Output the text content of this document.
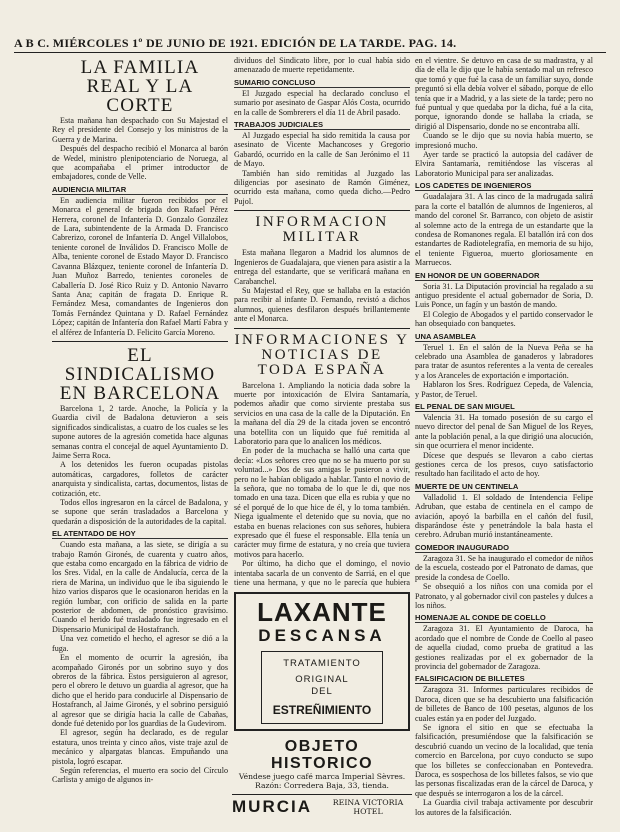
A B C. MIÉRCOLES 1º DE JUNIO DE 1921. EDICIÓN DE LA TARDE. PAG. 14.
LA FAMILIA REAL Y LA CORTE

Esta mañana han despachado con Su Majestad el Rey el presidente del Consejo y los ministros de la Guerra y de Marina.

Después del despacho recibió el Monarca al barón de Wedel, ministro plenipotenciario de Noruega, al que acompañaba el primer introductor de embajadores, conde de Velle.

AUDIENCIA MILITAR

En audiencia militar fueron recibidos por el Monarca el general de brigada don Rafael Pérez Herrera, coronel de Infantería D. Gonzalo González de Lara, subintendente de la Armada D. Francisco Cabrerizo, coronel de Infantería D. Angel Villalobos, teniente coronel de Inválidos D. Francisco Molle de Alba, teniente coronel de Estado Mayor D. Francisco Cavanna Blázquez, teniente coronel de Infantería D. Juan Muñoz Barredo, tenientes coroneles de Caballería D. José Rico Ruiz y D. Antonio Navarro Santa Ana; capitán de fragata D. Enrique R. Fernández Mesa, comandantes de Ingenieros don Tomás Fernández Quintana y D. Rafael Fernández López; capitán de Infantería don Rafael Martí Fabra y el alférez de Infantería D. Felicito García Moreno.

EL SINDICALISMO EN BARCELONA

Barcelona 1, 2 tarde. Anoche, la Policía y la Guardia civil de Badalona detuvieron a seis significados sindicalistas, a cuatro de los cuales se les supone autores de la agresión cometida hace algunas semanas contra el concejal de aquel Ayuntamiento D. Jaime Serra Roca.

A los detenidos les fueron ocupadas pistolas automáticas, cargadores, folletos de carácter anarquista y sindicalista, cartas, documentos, listas de cotización, etc.

Todos ellos ingresaron en la cárcel de Badalona, y se supone que serán trasladados a Barcelona y quedarán a disposición de la autoridades de la capital.

EL ATENTADO DE HOY

Cuando esta mañana, a las siete, se dirigía a su trabajo Ramón Gironés, de cuarenta y cuatro años, que estaba como encargado en la fábrica de vidrio de los Sres. Vidal, en la calle de Andalucía, cerca de la riera de Marina, un individuo que le iba siguiendo le hizo varios disparos que le ocasionaron heridas en la región lumbar, con orificio de salida en la parte posterior de abdomen, de pronóstico gravísimo. Cuando el herido fué trasladado fue ingresado en el Dispensario Municipal de Hostafranch.

Una vez cometido el hecho, el agresor se dió a la fuga.

En el momento de ocurrir la agresión, iba acompañado Gironés por un sobrino suyo y dos obreros de la fábrica. Estos persiguieron al agresor, pero el obrero le detuvo un guardia al agresor, que ha dicho que el herido para conducirle al Dispensario de Hostafranch, al Jaime Gironés, y el sobrino persiguió al agresor que se dirigía hacia la calle de Cabañas, donde fué detenido por los guardias de la Gudevirom.

El agresor, según ha declarado, es de regular estatura, unos treinta y cinco años, viste traje azul de mecánico y alpargatas blancas. Empuñando una pistola, logró escapar.

Según referencias, el muerto era socio del Círculo Carlista y amigo de algunos in-

dividuos del Sindicato libre, por lo cual había sido amenazado de muerte repetidamente.

SUMARIO CONCLUSO

El Juzgado especial ha declarado concluso el sumario por asesinato de Gaspar Alós Costa, ocurrido en la calle de Sombrerers el día 11 de Abril pasado.

TRABAJOS JUDICIALES

Al Juzgado especial ha sido remitida la causa por asesinato de Vicente Machancoses y Gregorio Gabardó, ocurrido en la calle de San Jerónimo el 11 de Mayo.

También han sido remitidas al Juzgado las diligencias por asesinato de Ramón Giménez, ocurrido esta mañana, como queda dicho.—Pedro Pujol.

INFORMACION MILITAR

Esta mañana llegaron a Madrid los alumnos de Ingenieros de Guadalajara, que vienen para asistir a la entrega del estandarte, que se verificará mañana en Carabanchel.

Su Majestad el Rey, que se hallaba en la estación para recibir al infante D. Fernando, revistó a dichos alumnos, quienes desfilaron después brillantemente ante el Monarca.

INFORMACIONES Y NOTICIAS DE TODA ESPAÑA

Barcelona 1. Ampliando la noticia dada sobre la muerte por intoxicación de Elvira Santamaría, podemos añadir que como sirviente prestaba sus servicios en una casa de la calle de la Diputación. En la mañana del día 29 de la citada joven se encontró una botellita con un líquido que fué remitida al Laboratorio para que lo analicen los médicos.

En poder de la muchacha se halló una carta que decía: «Los señores creo que no se ha muerto por su voluntad...» Dos de sus amigas le pusieron a vivir, pero no le habían obligado a hablar. Tanto el novio de la señora, que no tomaba de lo que le di, que nos tomado en una taza. Dicen que ella es rubia y que no sé el porqué de lo que hice de él, y lo toma también. Niega igualmente el detenido que su novia, que no estaba en buenas relaciones con sus señores, hubiera expresado que él fuese el responsable. Ella tenía un carácter muy firme de estatura, y no creía que tuviera motivos para hacerlo.

Por último, ha dicho que el domingo, el novio intentaba sacarla de un convento de Sarriá, en el que tiene una hermana, y que no le parecía que hubiera

LAXANTE
DESCANSA
TRATAMIENTO
ORIGINAL
DEL
ESTREÑIMIENTO
OBJETO HISTORICO
Véndese juego café marca Imperial Sèvres. Razón: Corredera Baja, 33, tienda.
MURCIA	REINA VICTORIA HOTEL

en el vientre. Se detuvo en casa de su madrastra, y al día de ella le dijo que le había sentado mal un refresco que tomó y que fué la casa de un familiar suyo, donde preguntó si ella debía volver el sábado, porque de ello tenía que ir a Madrid, y a las siete de la tarde; pero no fué puntual y que quedaba por la dicha, fué a la cita, porque, ignorando donde se hallaba la criada, se dirigió al Dispensario, donde no se encontraba allí.

Cuando se le dijo que su novia había muerto, se impresionó mucho.

Ayer tarde se practicó la autopsia del cadáver de Elvira Santamaría, remitiéndose las vísceras al Laboratorio Municipal para ser analizadas.

LOS CADETES DE INGENIEROS

Guadalajara 31. A las cinco de la madrugada salirá para la corte el batallón de alumnos de Ingenieros, al mando del coronel Sr. Barranco, con objeto de asistir al solemne acto de la entrega de un estandarte que la condesa de Romanones regala. El batallón irá con dos estandartes de Radiotelegrafía, en memoria de su hijo, el teniente Figueroa, muerto gloriosamente en Marruecos.

EN HONOR DE UN GOBERNADOR

Soria 31. La Diputación provincial ha regalado a su antiguo presidente el actual gobernador de Soria, D. Luis Ponce, un fagín y un bastón de mando.

El Colegio de Abogados y el partido conservador le han obsequiado con banquetes.

UNA ASAMBLEA

Teruel 1. En el salón de la Nueva Peña se ha celebrado una Asamblea de ganaderos y labradores para tratar de asuntos referentes a la venta de cereales y a los Aranceles de exportación e importación.

Hablaron los Sres. Rodríguez Cepeda, de Valencia, y Pastor, de Teruel.

EL PENAL DE SAN MIGUEL

Valencia 31. Ha tomado posesión de su cargo el nuevo director del penal de San Miguel de los Reyes, ante la población penal, a la que dirigió una alocución, sin que ocurriera el menor incidente.

Dícese que después se llevaron a cabo ciertas gestiones cerca de los presos, cuyo satisfactorio resultado han facilitado el acto de hoy.

MUERTE DE UN CENTINELA

Valladolid 1. El soldado de Intendencia Felipe Adruban, que estaba de centinela en el campo de aviación, apoyó la barbilla en el cañón del fusil, disparándose éste y penetrándole la bala hasta el cerebro. Adruban murió instantáneamente.

COMEDOR INAUGURADO

Zaragoza 31. Se ha inaugurado el comedor de niños de la escuela, costeado por el Patronato de damas, que preside la condesa de Coello.

Se obsequió a los niños con una comida por el Patronato, y al gobernador civil con pasteles y dulces a los niños.

HOMENAJE AL CONDE DE COELLO

Zaragoza 31. El Ayuntamiento de Daroca, ha acordado que el nombre de Conde de Coello al paseo de aquella ciudad, como prueba de gratitud a las gestiones realizadas por el ex gobernador de la provincia del gobernador de Zaragoza.

FALSIFICACION DE BILLETES

Zaragoza 31. Informes particulares recibidos de Daroca, dicen que se ha descubierto una falsificación de billetes de Banco de 100 pesetas, algunos de los cuales están ya en poder del Juzgado.

Se ignora el sitio en que se efectuaba la falsificación, presumiéndose que la falsificación se descubrió cuando un vecino de la localidad, que tenía comercio en Barcelona, por cuyo conducto se supo que los billetes se confeccionaban en Pontevedra. Daroca, es sospechosa de los billetes falsos, se vio que las personas fiscalizadas eran de la cárcel de Daroca, y que después se interrogaron a los de la cárcel.

La Guardia civil trabaja activamente por descubrir los autores de la falsificación.
